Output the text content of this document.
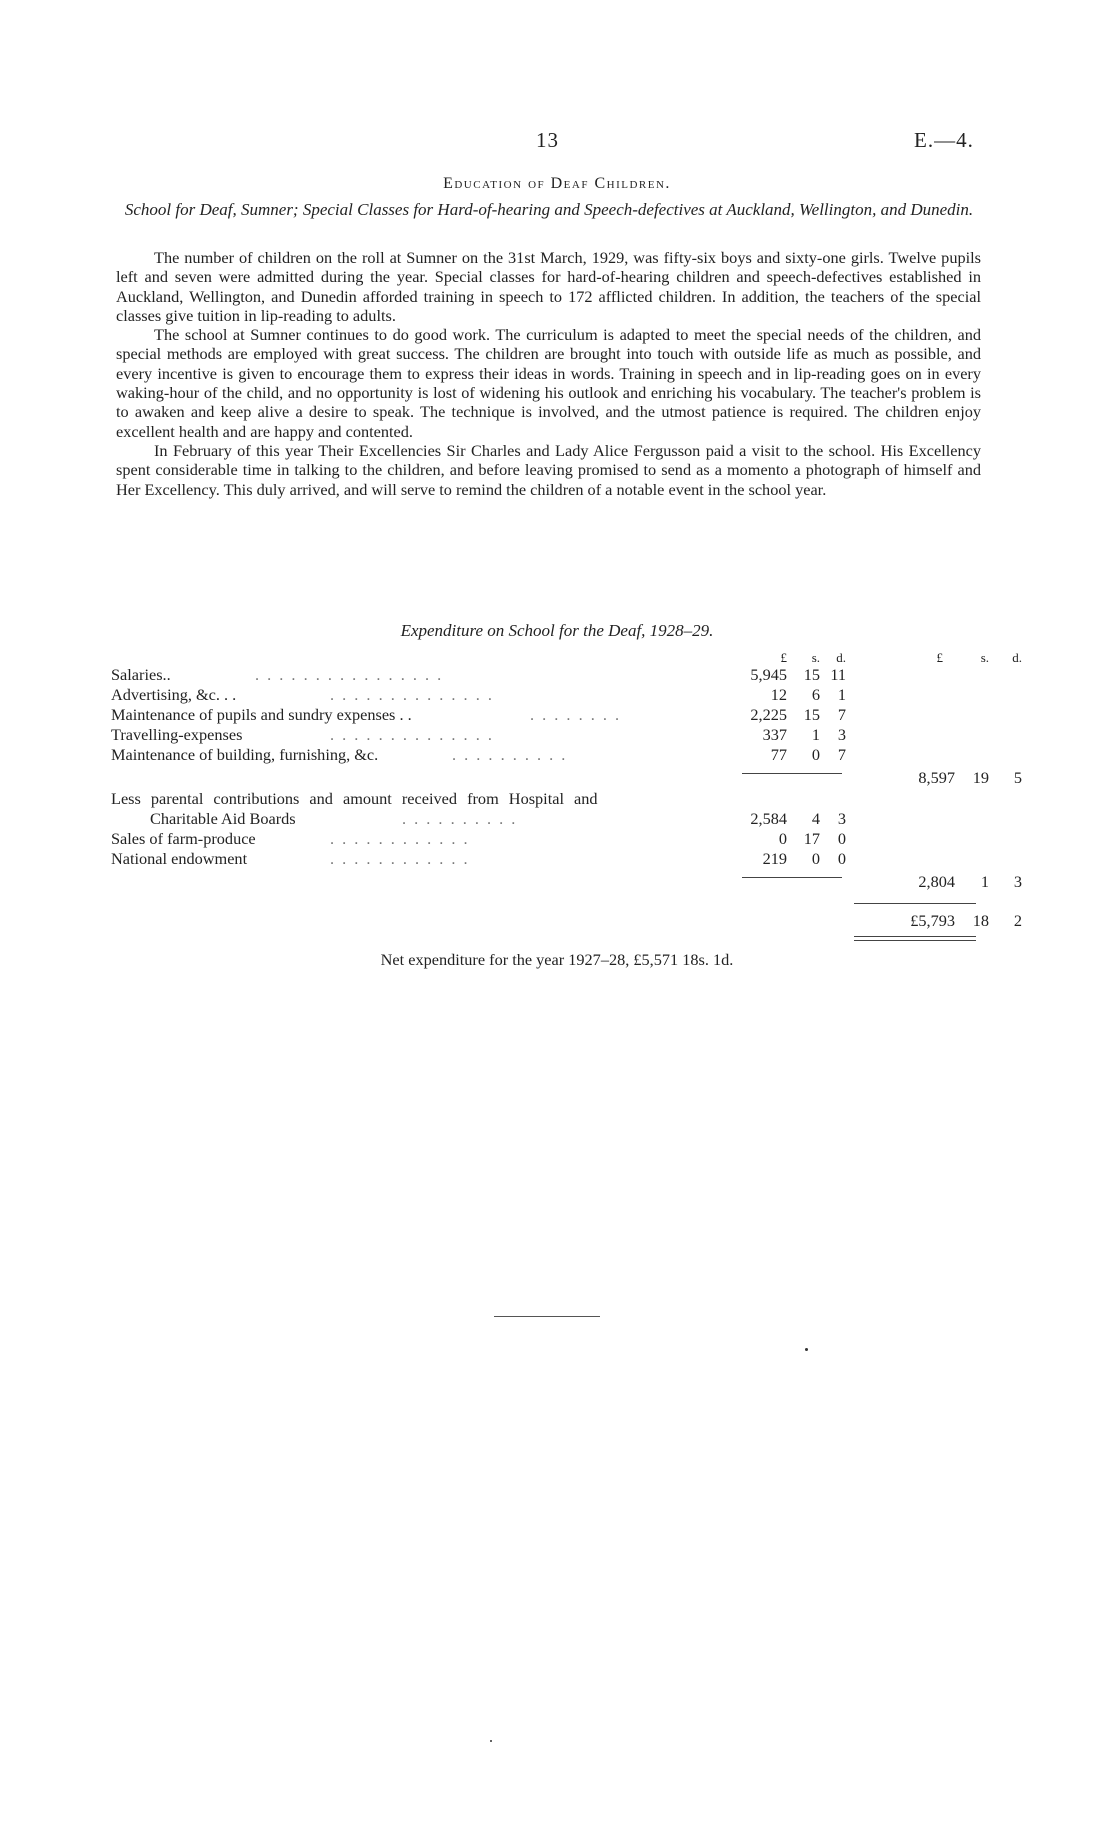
13	E.—4.
Education of Deaf Children.
School for Deaf, Sumner; Special Classes for Hard-of-hearing and Speech-defectives at Auckland, Wellington, and Dunedin.

The number of children on the roll at Sumner on the 31st March, 1929, was fifty-six boys and sixty-one girls. Twelve pupils left and seven were admitted during the year. Special classes for hard-of-hearing children and speech-defectives established in Auckland, Wellington, and Dunedin afforded training in speech to 172 afflicted children. In addition, the teachers of the special classes give tuition in lip-reading to adults.

The school at Sumner continues to do good work. The curriculum is adapted to meet the special needs of the children, and special methods are employed with great success. The children are brought into touch with outside life as much as possible, and every incentive is given to encourage them to express their ideas in words. Training in speech and in lip-reading goes on in every waking-hour of the child, and no opportunity is lost of widening his outlook and enriching his vocabulary. The teacher's problem is to awaken and keep alive a desire to speak. The technique is involved, and the utmost patience is required. The children enjoy excellent health and are happy and contented.

In February of this year Their Excellencies Sir Charles and Lady Alice Fergusson paid a visit to the school. His Excellency spent considerable time in talking to the children, and before leaving promised to send as a momento a photograph of himself and Her Excellency. This duly arrived, and will serve to remind the children of a notable event in the school year.

Expenditure on School for the Deaf, 1928–29.
£	s.	d.	£	s.	d.
Salaries..	. . . . . . . . . . . . . . . .	5,945	15 11
Advertising, &c. . .	. . . . . . . . . . . . . .	12	6	1
Maintenance of pupils and sundry expenses . .	. . . . . . . .	2,225	15	7
Travelling-expenses	. . . . . . . . . . . . . .	337	1	3
Maintenance of building, furnishing, &c.	. . . . . . . . . .	77	0	7
8,597	19	5
Less parental contributions and amount received from Hospital and
Charitable Aid Boards	. . . . . . . . . .	2,584	4	3
Sales of farm-produce	. . . . . . . . . . . .	0	17	0
National endowment	. . . . . . . . . . . .	219	0	0
2,804	1	3
£5,793	18	2
Net expenditure for the year 1927–28, £5,571 18s. 1d.
